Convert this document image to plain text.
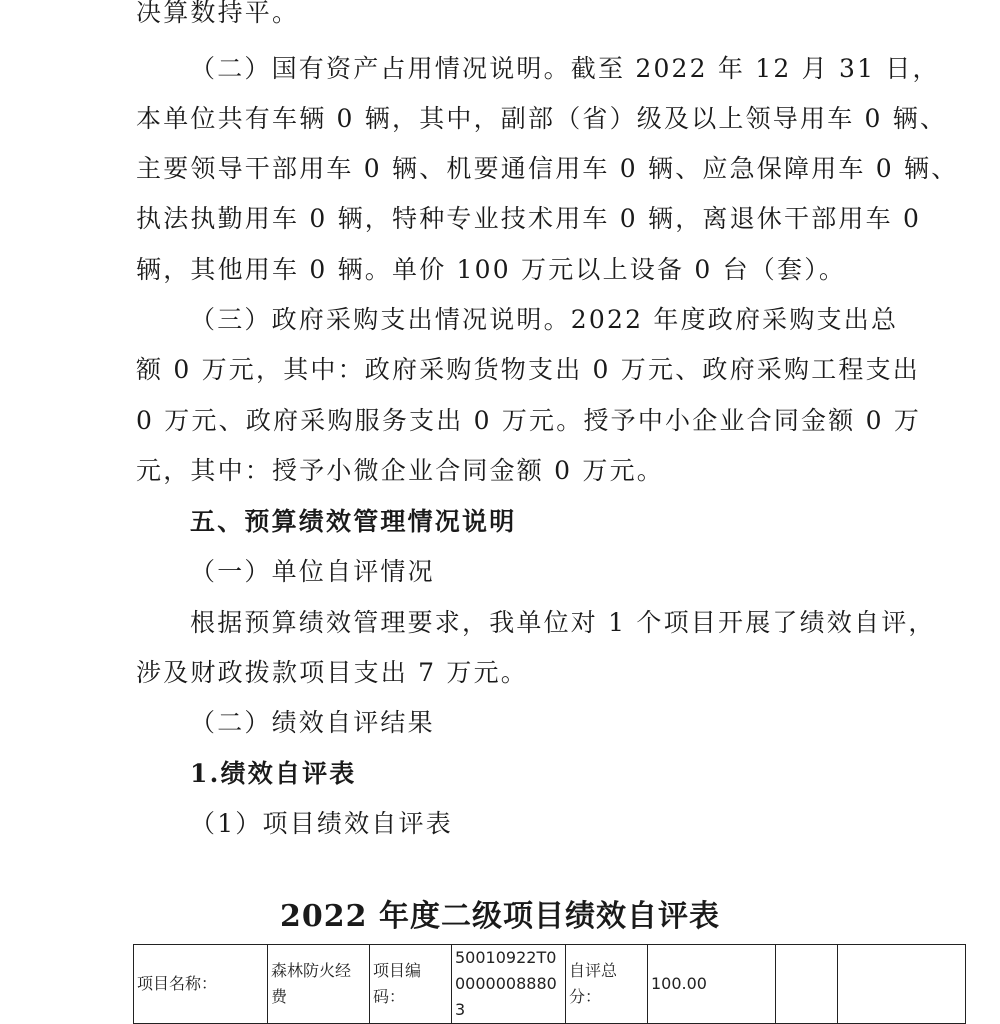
决算数持平。
（二）国有资产占用情况说明。截至 2022 年 12 月 31 日，
本单位共有车辆 0 辆，其中，副部（省）级及以上领导用车 0 辆、
主要领导干部用车 0 辆、机要通信用车 0 辆、应急保障用车 0 辆、
执法执勤用车 0 辆，特种专业技术用车 0 辆，离退休干部用车 0
辆，其他用车 0 辆。单价 100 万元以上设备 0 台（套）。
（三）政府采购支出情况说明。2022 年度政府采购支出总
额 0 万元，其中：政府采购货物支出 0 万元、政府采购工程支出
0 万元、政府采购服务支出 0 万元。授予中小企业合同金额 0 万
元，其中：授予小微企业合同金额 0 万元。
五、预算绩效管理情况说明
（一）单位自评情况
根据预算绩效管理要求，我单位对 1 个项目开展了绩效自评，
涉及财政拨款项目支出 7 万元。
（二）绩效自评结果
1.绩效自评表
（1）项目绩效自评表
2022 年度二级项目绩效自评表
项目名称：	森林防火经费	项目编码：	50010922T000000088803	自评总分：	100.00		
